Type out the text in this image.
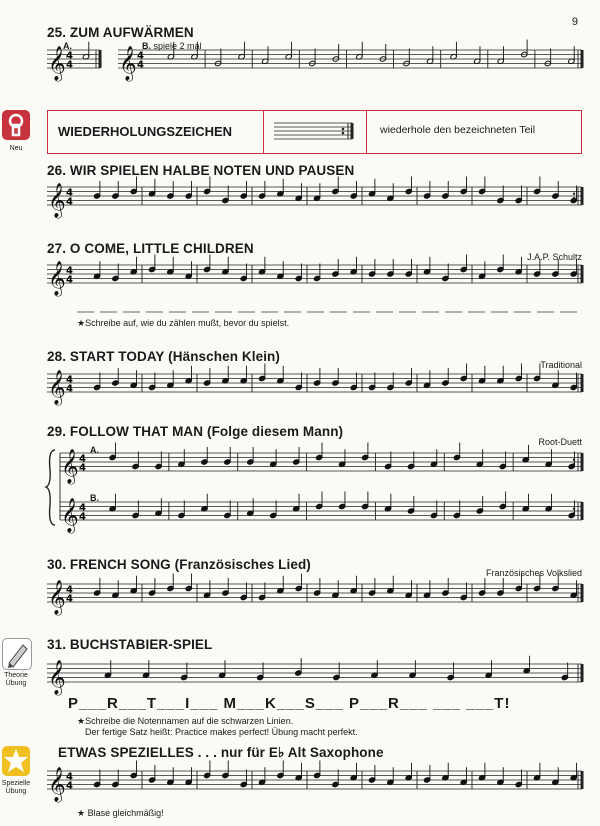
9
Neu
Theorie
Übung
Spezielle
Übung
25. ZUM AUFWÄRMEN
A.	B. spiele 2 mal
WIEDERHOLUNGSZEICHEN	wiederhole den bezeichneten Teil
26. WIR SPIELEN HALBE NOTEN UND PAUSEN
27. O COME, LITTLE CHILDREN
J.A.P. Schultz
★Schreibe auf, wie du zählen mußt, bevor du spielst.
28. START TODAY (Hänschen Klein)
Traditional
29. FOLLOW THAT MAN (Folge diesem Mann)
Root-Duett
A.
B.
30. FRENCH SONG (Französisches Lied)
Französisches Volkslied
31. BUCHSTABIER-SPIEL
P___R___T___I___ M___K___S___ P___R___ ___ ___T!
★Schreibe die Notennamen auf die schwarzen Linien.
Der fertige Satz heißt: Practice makes perfect! Übung macht perfekt.
ETWAS SPEZIELLES . . . nur für E♭ Alt Saxophone
★ Blase gleichmäßig!
𝄞 4
4 𝄞 4
4
𝄞 4
4
𝄞 4
4
𝄞 4
4
𝄞 4
4
𝄞 4
4
𝄞 4
4
𝄞
𝄞 4
4
